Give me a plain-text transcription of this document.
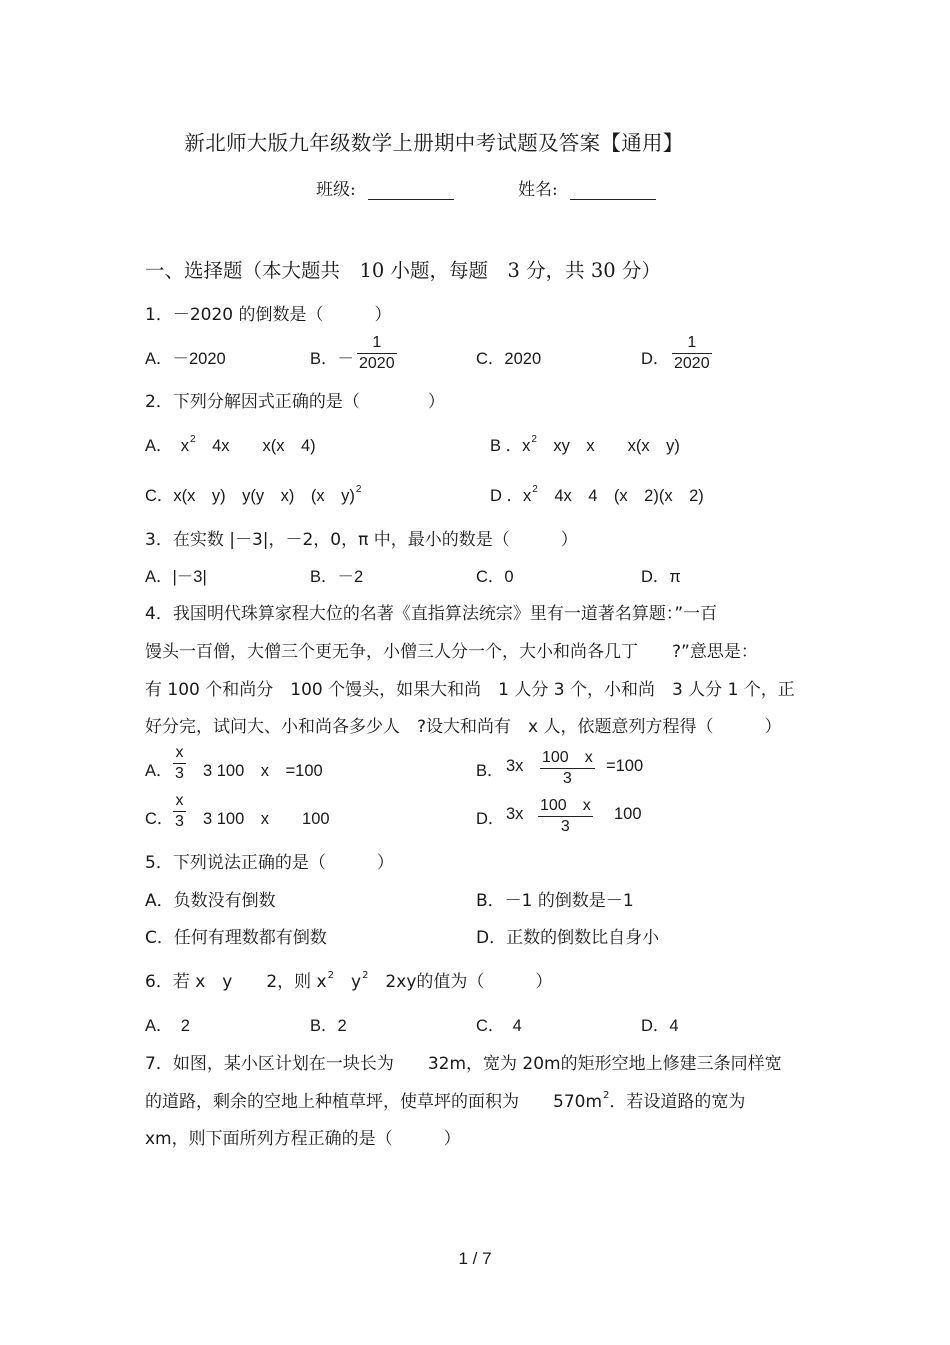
新北师大版九年级数学上册期中考试题及答案【通用】
班级:	姓名:
一、选择题（本大题共　10 小题，每题　3 分，共 30 分）
1．－2020 的倒数是（　　　）
A．－2020	B．－
1
2020	C．2020	D．
1
2020
2．下列分解因式正确的是（　　　　）
A．　$x^2$　4x　　x(x　4)	B ．$x^2$　xy　x　　x(x　y)
C．x(x　y)　y(y　x)　(x　y)$^2$	D ．$x^2$　4x　4　(x　2)(x　2)
3．在实数 |－3|，－2，0，π 中，最小的数是（　　　）
A．|－3|	B．－2	C．0	D．π
4．我国明代珠算家程大位的名著《直指算法统宗》里有一道著名算题：”一百
馒头一百僧，大僧三个更无争，小僧三人分一个，大小和尚各几丁　　?”意思是：
有 100 个和尚分　100 个馒头，如果大和尚　1 人分 3 个，小和尚　3 人分 1 个，正
好分完，试问大、小和尚各多少人　?设大和尚有　x 人，依题意列方程得（　　　）
A．
x
3 3 100　x　=100	B． 3x 100　x
3
=100
C．
x
3 3 100　x　　100	D． 3x 100　x
3
100
5．下列说法正确的是（　　　）
A．负数没有倒数	B．－1 的倒数是－1
C．任何有理数都有倒数	D．正数的倒数比自身小
6．若 x　y　　2，则 $x^2$　$y^2$　2xy的值为（　　　）
A．　2	B．2	C．　4	D．4
7．如图，某小区计划在一块长为　　32m，宽为 20m的矩形空地上修建三条同样宽
的道路，剩余的空地上种植草坪，使草坪的面积为　　$570m^2$．若设道路的宽为
xm，则下面所列方程正确的是（　　　）
1 / 7
